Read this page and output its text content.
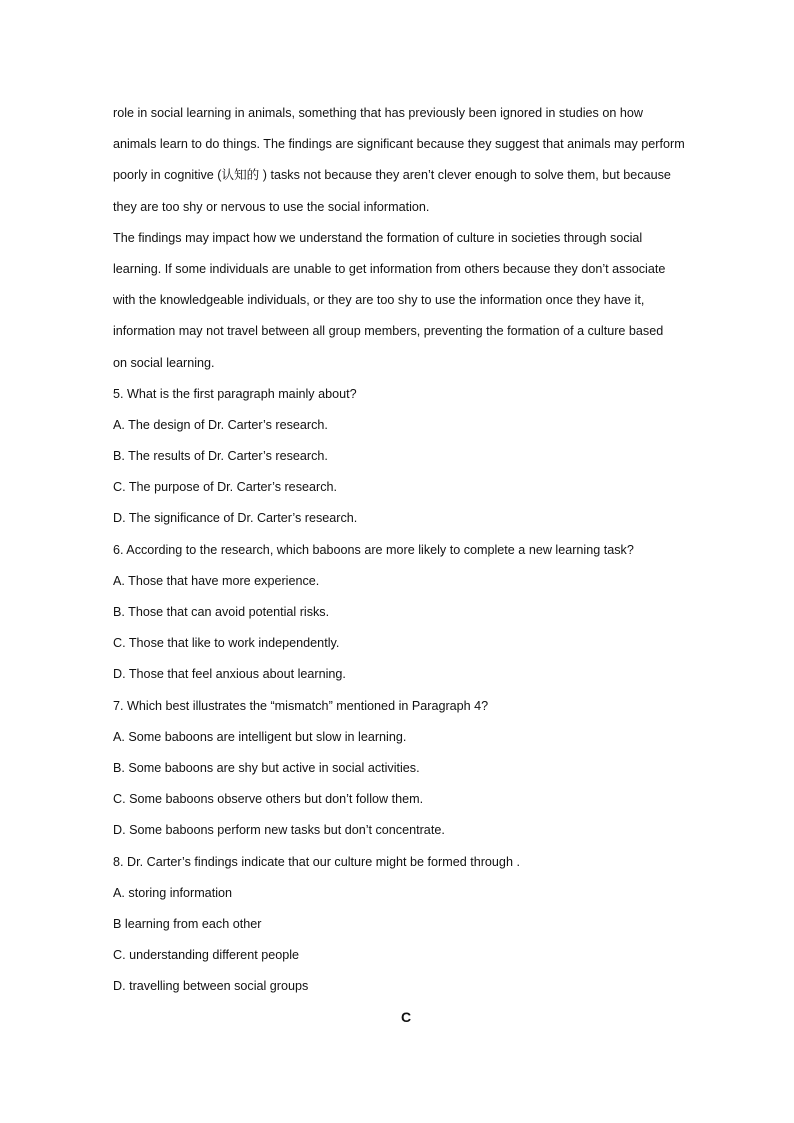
role in social learning in animals, something that has previously been ignored in studies on how
animals learn to do things. The findings are significant because they suggest that animals may perform
poorly in cognitive (认知的 ) tasks not because they aren’t clever enough to solve them, but because
they are too shy or nervous to use the social information.
The findings may impact how we understand the formation of culture in societies through social
learning. If some individuals are unable to get information from others because they don’t associate
with the knowledgeable individuals, or they are too shy to use the information once they have it,
information may not travel between all group members, preventing the formation of a culture based
on social learning.
5. What is the first paragraph mainly about?
A. The design of Dr. Carter’s research.
B. The results of Dr. Carter’s research.
C. The purpose of Dr. Carter’s research.
D. The significance of Dr. Carter’s research.
6. According to the research, which baboons are more likely to complete a new learning task?
A. Those that have more experience.
B. Those that can avoid potential risks.
C. Those that like to work independently.
D. Those that feel anxious about learning.
7. Which best illustrates the “mismatch” mentioned in Paragraph 4?
A. Some baboons are intelligent but slow in learning.
B. Some baboons are shy but active in social activities.
C. Some baboons observe others but don’t follow them.
D. Some baboons perform new tasks but don’t concentrate.
8. Dr. Carter’s findings indicate that our culture might be formed through .
A. storing information
B learning from each other
C. understanding different people
D. travelling between social groups
C
